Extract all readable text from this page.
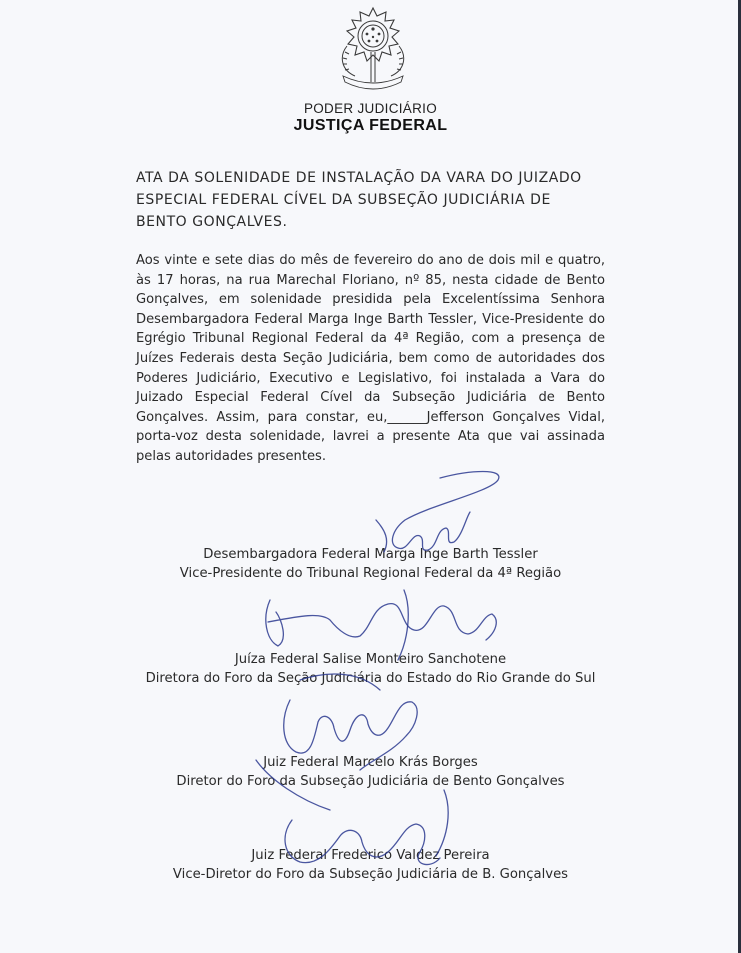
PODER JUDICIÁRIO
JUSTIÇA FEDERAL
ATA DA SOLENIDADE DE INSTALAÇÃO DA VARA DO JUIZADO ESPECIAL FEDERAL CÍVEL DA SUBSEÇÃO JUDICIÁRIA DE BENTO GONÇALVES.
Aos vinte e sete dias do mês de fevereiro do ano de dois mil e quatro, às 17 horas, na rua Marechal Floriano, nº 85, nesta cidade de Bento Gonçalves, em solenidade presidida pela Excelentíssima Senhora Desembargadora Federal Marga Inge Barth Tessler, Vice-Presidente do Egrégio Tribunal Regional Federal da 4ª Região, com a presença de Juízes Federais desta Seção Judiciária, bem como de autoridades dos Poderes Judiciário, Executivo e Legislativo, foi instalada a Vara do Juizado Especial Federal Cível da Subseção Judiciária de Bento Gonçalves. Assim, para constar, eu,______Jefferson Gonçalves Vidal, porta-voz desta solenidade, lavrei a presente Ata que vai assinada pelas autoridades presentes.
Desembargadora Federal Marga Inge Barth Tessler
Vice-Presidente do Tribunal Regional Federal da 4ª Região
Juíza Federal Salise Monteiro Sanchotene
Diretora do Foro da Seção Judiciária do Estado do Rio Grande do Sul
Juiz Federal Marcelo Krás Borges
Diretor do Foro da Subseção Judiciária de Bento Gonçalves
Juiz Federal Frederico Valdez Pereira
Vice-Diretor do Foro da Subseção Judiciária de B. Gonçalves
